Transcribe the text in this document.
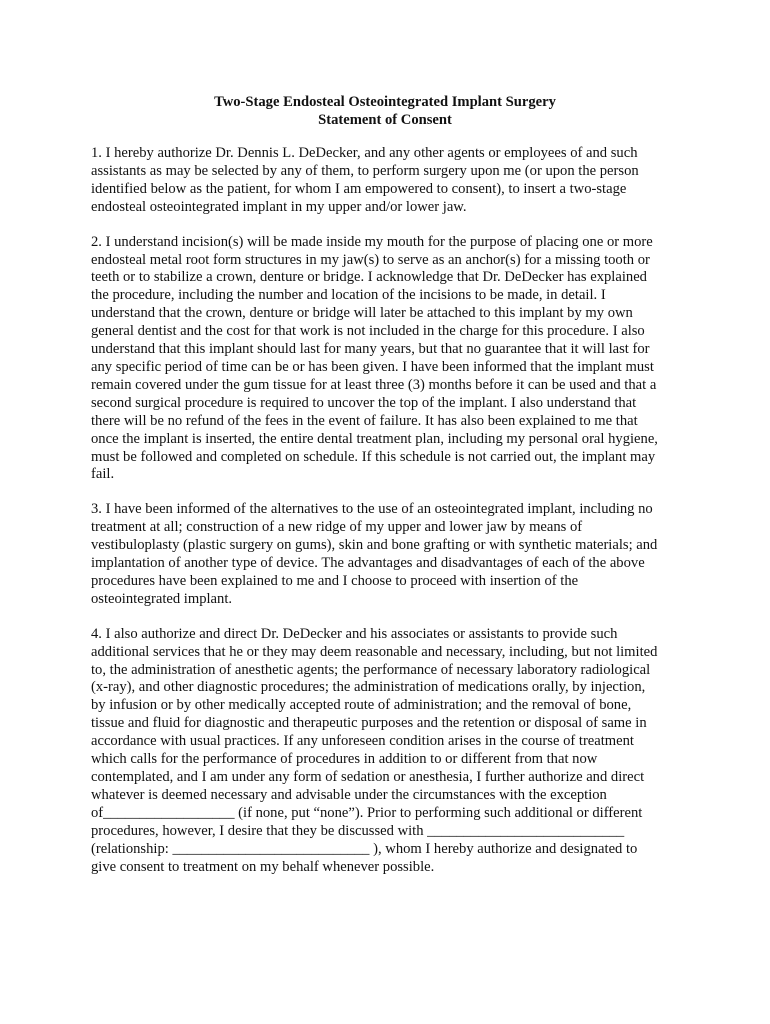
Two-Stage Endosteal Osteointegrated Implant Surgery
Statement of Consent
1. I hereby authorize Dr. Dennis L. DeDecker, and any other agents or employees of and such
assistants as may be selected by any of them, to perform surgery upon me (or upon the person
identified below as the patient, for whom I am empowered to consent), to insert a two-stage
endosteal osteointegrated implant in my upper and/or lower jaw.
2. I understand incision(s) will be made inside my mouth for the purpose of placing one or more
endosteal metal root form structures in my jaw(s) to serve as an anchor(s) for a missing tooth or
teeth or to stabilize a crown, denture or bridge. I acknowledge that Dr. DeDecker has explained
the procedure, including the number and location of the incisions to be made, in detail. I
understand that the crown, denture or bridge will later be attached to this implant by my own
general dentist and the cost for that work is not included in the charge for this procedure. I also
understand that this implant should last for many years, but that no guarantee that it will last for
any specific period of time can be or has been given. I have been informed that the implant must
remain covered under the gum tissue for at least three (3) months before it can be used and that a
second surgical procedure is required to uncover the top of the implant. I also understand that
there will be no refund of the fees in the event of failure. It has also been explained to me that
once the implant is inserted, the entire dental treatment plan, including my personal oral hygiene,
must be followed and completed on schedule. If this schedule is not carried out, the implant may
fail.
3. I have been informed of the alternatives to the use of an osteointegrated implant, including no
treatment at all; construction of a new ridge of my upper and lower jaw by means of
vestibuloplasty (plastic surgery on gums), skin and bone grafting or with synthetic materials; and
implantation of another type of device. The advantages and disadvantages of each of the above
procedures have been explained to me and I choose to proceed with insertion of the
osteointegrated implant.
4. I also authorize and direct Dr. DeDecker and his associates or assistants to provide such
additional services that he or they may deem reasonable and necessary, including, but not limited
to, the administration of anesthetic agents; the performance of necessary laboratory radiological
(x-ray), and other diagnostic procedures; the administration of medications orally, by injection,
by infusion or by other medically accepted route of administration; and the removal of bone,
tissue and fluid for diagnostic and therapeutic purposes and the retention or disposal of same in
accordance with usual practices. If any unforeseen condition arises in the course of treatment
which calls for the performance of procedures in addition to or different from that now
contemplated, and I am under any form of sedation or anesthesia, I further authorize and direct
whatever is deemed necessary and advisable under the circumstances with the exception
of__________________ (if none, put “none”). Prior to performing such additional or different
procedures, however, I desire that they be discussed with ___________________________
(relationship: ___________________________ ), whom I hereby authorize and designated to
give consent to treatment on my behalf whenever possible.
